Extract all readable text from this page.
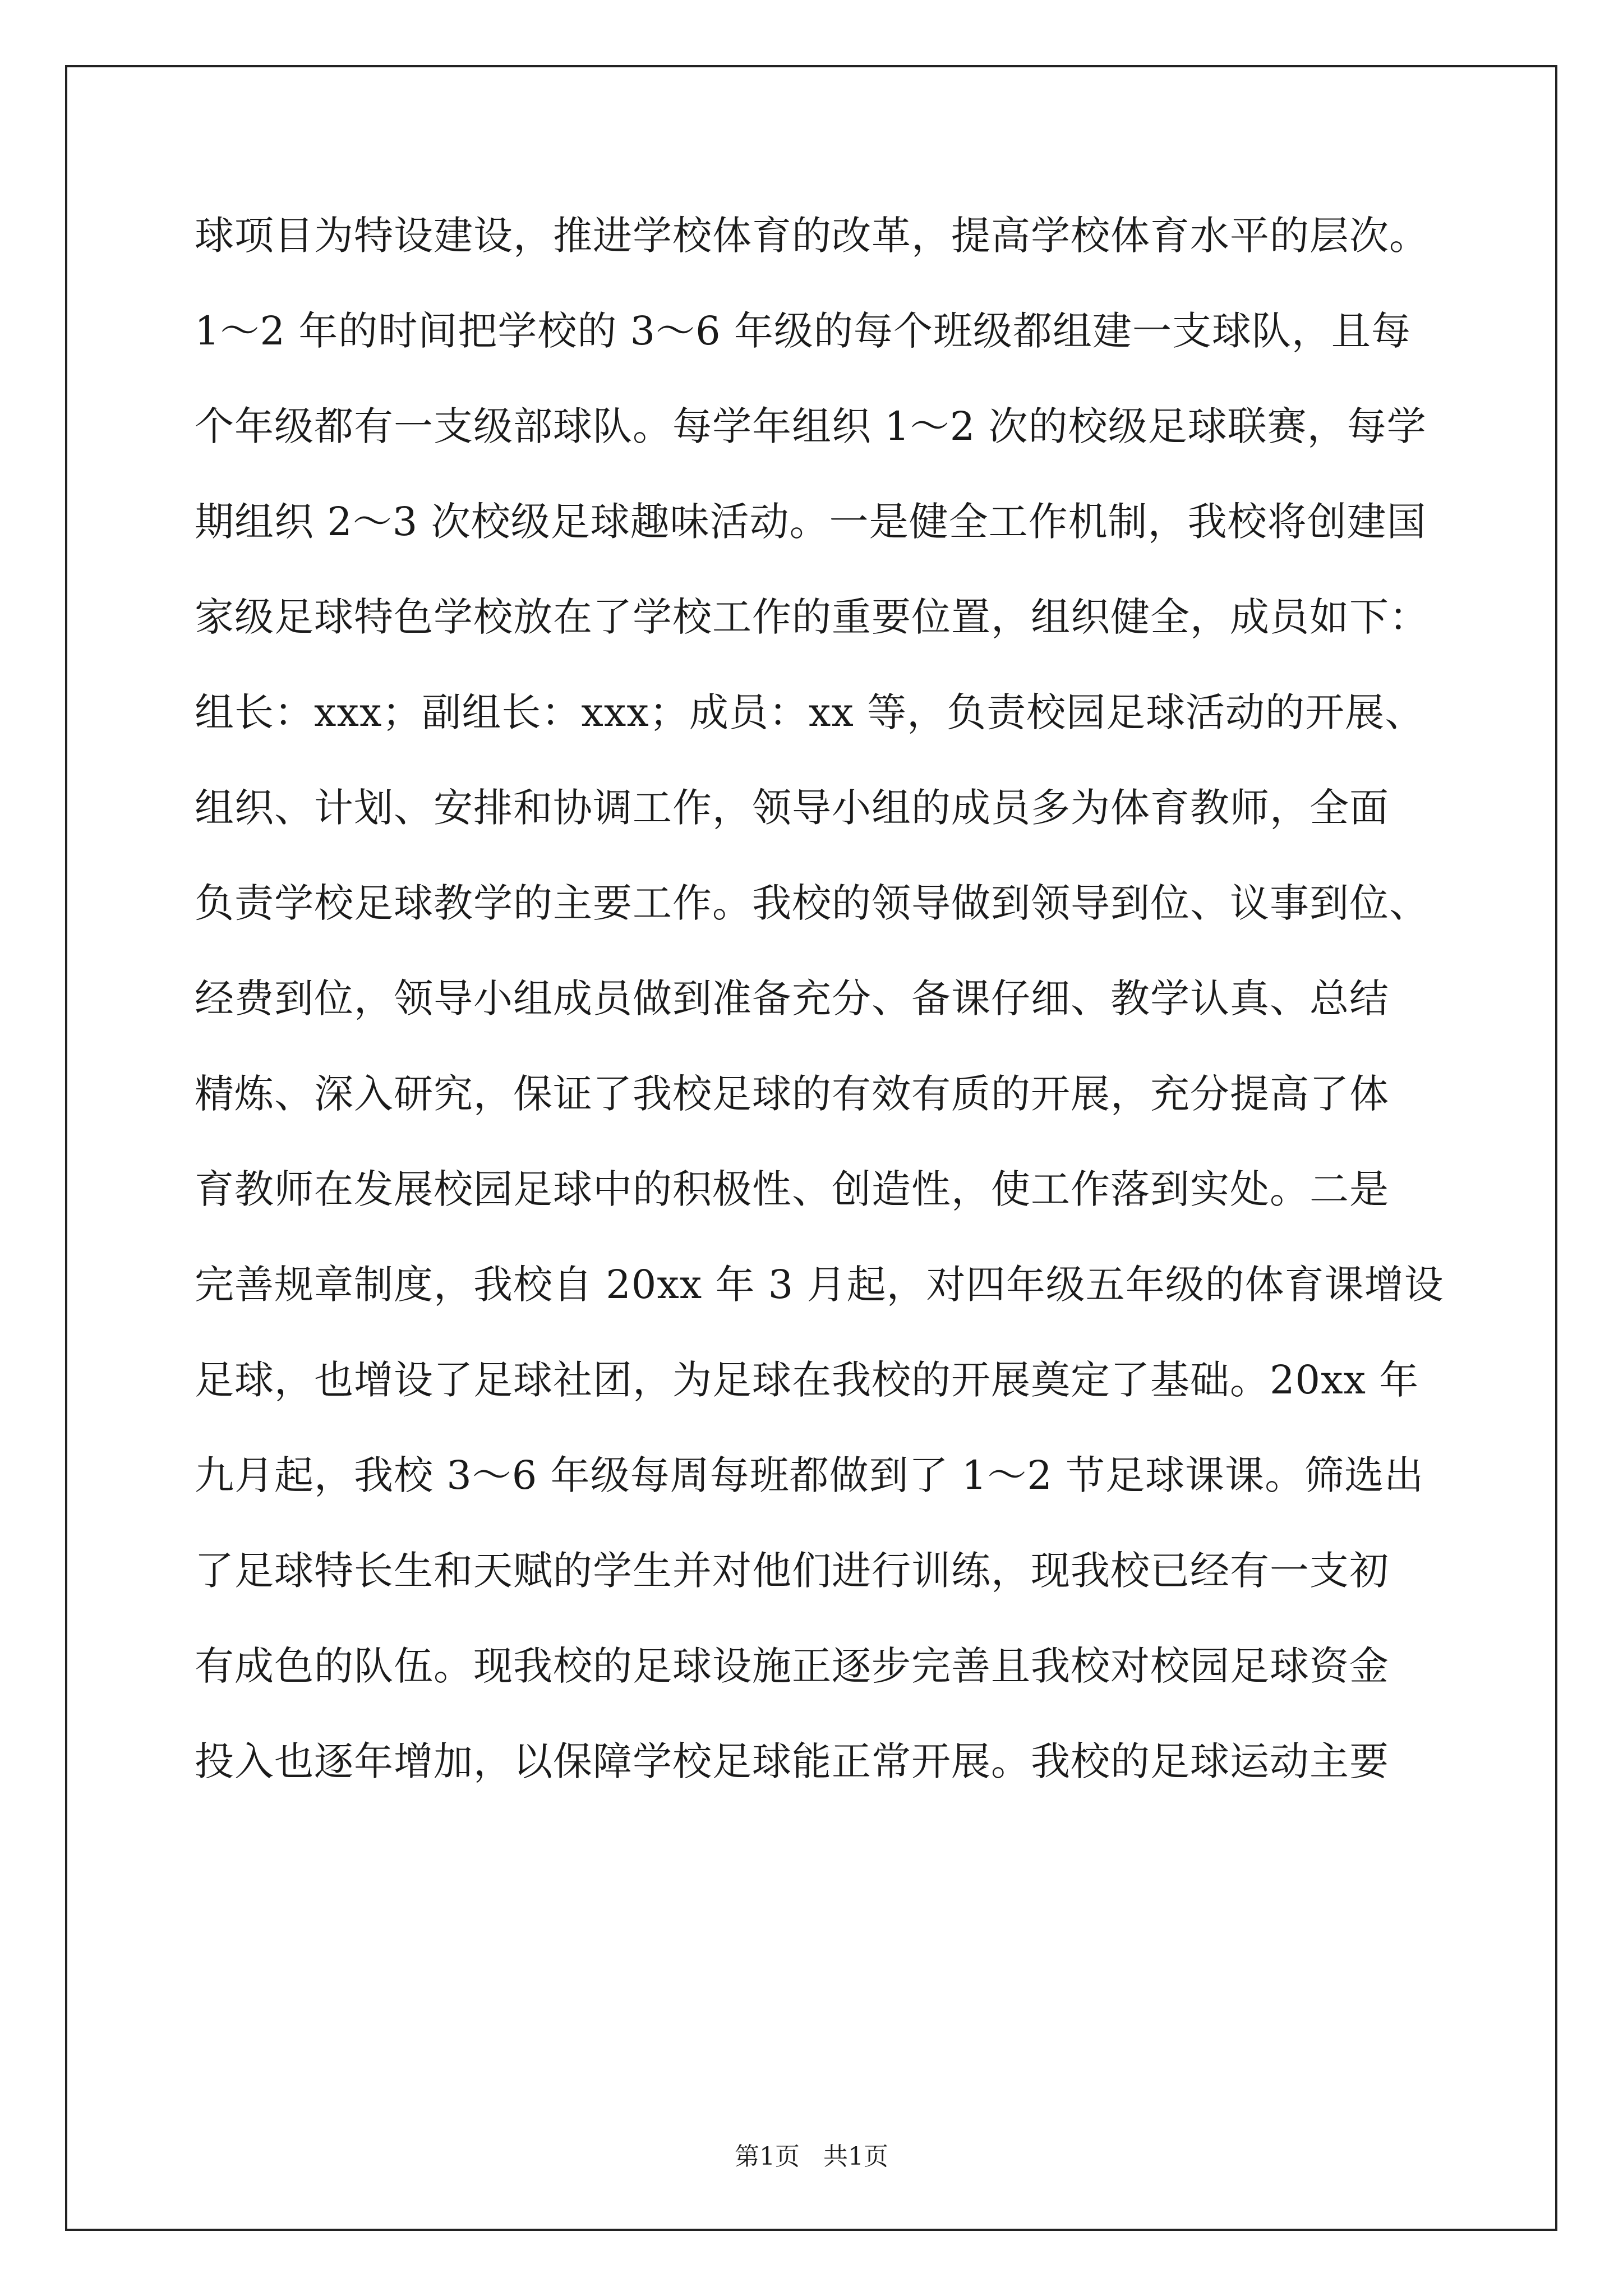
球项目为特设建设，推进学校体育的改革，提高学校体育水平的层次。
1～2 年的时间把学校的 3～6 年级的每个班级都组建一支球队，且每
个年级都有一支级部球队。每学年组织 1～2 次的校级足球联赛，每学
期组织 2～3 次校级足球趣味活动。一是健全工作机制，我校将创建国
家级足球特色学校放在了学校工作的重要位置，组织健全，成员如下：
组长：xxx；副组长：xxx；成员：xx 等，负责校园足球活动的开展、
组织、计划、安排和协调工作，领导小组的成员多为体育教师，全面
负责学校足球教学的主要工作。我校的领导做到领导到位、议事到位、
经费到位，领导小组成员做到准备充分、备课仔细、教学认真、总结
精炼、深入研究，保证了我校足球的有效有质的开展，充分提高了体
育教师在发展校园足球中的积极性、创造性，使工作落到实处。二是
完善规章制度，我校自 20xx 年 3 月起，对四年级五年级的体育课增设
足球，也增设了足球社团，为足球在我校的开展奠定了基础。20xx 年
九月起，我校 3～6 年级每周每班都做到了 1～2 节足球课课。筛选出
了足球特长生和天赋的学生并对他们进行训练，现我校已经有一支初
有成色的队伍。现我校的足球设施正逐步完善且我校对校园足球资金
投入也逐年增加，以保障学校足球能正常开展。我校的足球运动主要
第1页   共1页
